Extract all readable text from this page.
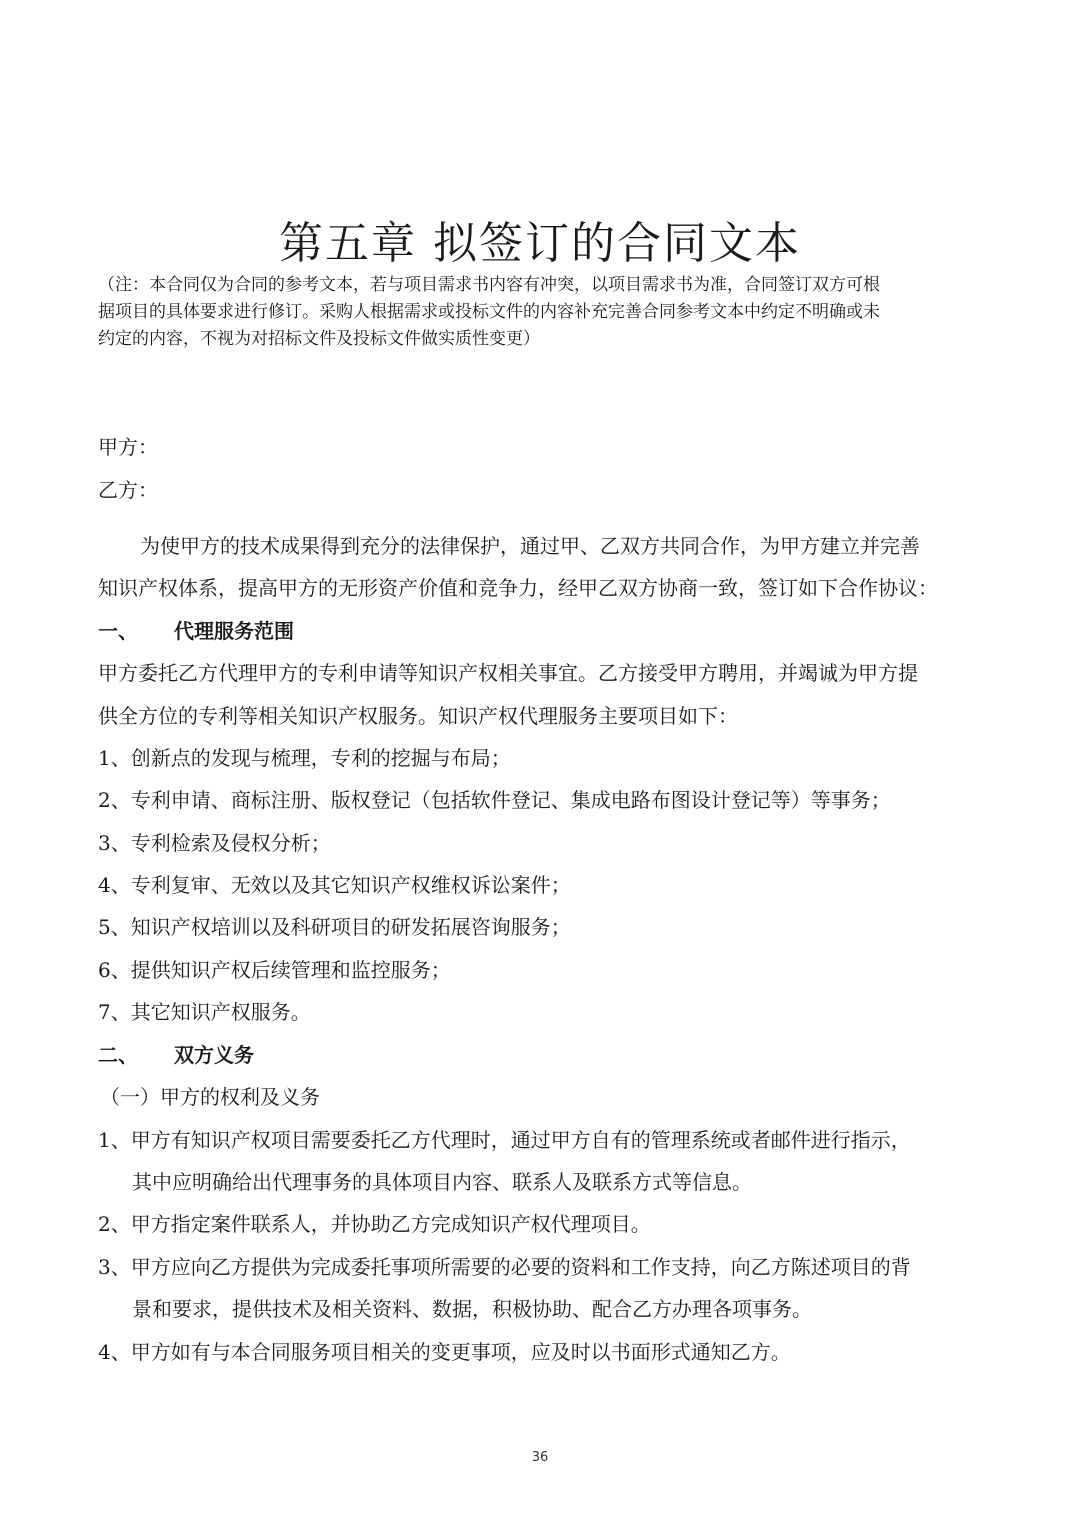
第五章 拟签订的合同文本
（注：本合同仅为合同的参考文本，若与项目需求书内容有冲突，以项目需求书为准，合同签订双方可根
据项目的具体要求进行修订。采购人根据需求或投标文件的内容补充完善合同参考文本中约定不明确或未
约定的内容，不视为对招标文件及投标文件做实质性变更）
甲方：
乙方：
为使甲方的技术成果得到充分的法律保护，通过甲、乙双方共同合作，为甲方建立并完善
知识产权体系，提高甲方的无形资产价值和竞争力，经甲乙双方协商一致，签订如下合作协议：
一、 代理服务范围
甲方委托乙方代理甲方的专利申请等知识产权相关事宜。乙方接受甲方聘用，并竭诚为甲方提
供全方位的专利等相关知识产权服务。知识产权代理服务主要项目如下：
1、创新点的发现与梳理，专利的挖掘与布局；
2、专利申请、商标注册、版权登记（包括软件登记、集成电路布图设计登记等）等事务；
3、专利检索及侵权分析；
4、专利复审、无效以及其它知识产权维权诉讼案件；
5、知识产权培训以及科研项目的研发拓展咨询服务；
6、提供知识产权后续管理和监控服务；
7、其它知识产权服务。
二、 双方义务
（一）甲方的权利及义务
1、甲方有知识产权项目需要委托乙方代理时，通过甲方自有的管理系统或者邮件进行指示，
其中应明确给出代理事务的具体项目内容、联系人及联系方式等信息。
2、甲方指定案件联系人，并协助乙方完成知识产权代理项目。
3、甲方应向乙方提供为完成委托事项所需要的必要的资料和工作支持，向乙方陈述项目的背
景和要求，提供技术及相关资料、数据，积极协助、配合乙方办理各项事务。
4、甲方如有与本合同服务项目相关的变更事项，应及时以书面形式通知乙方。
36
